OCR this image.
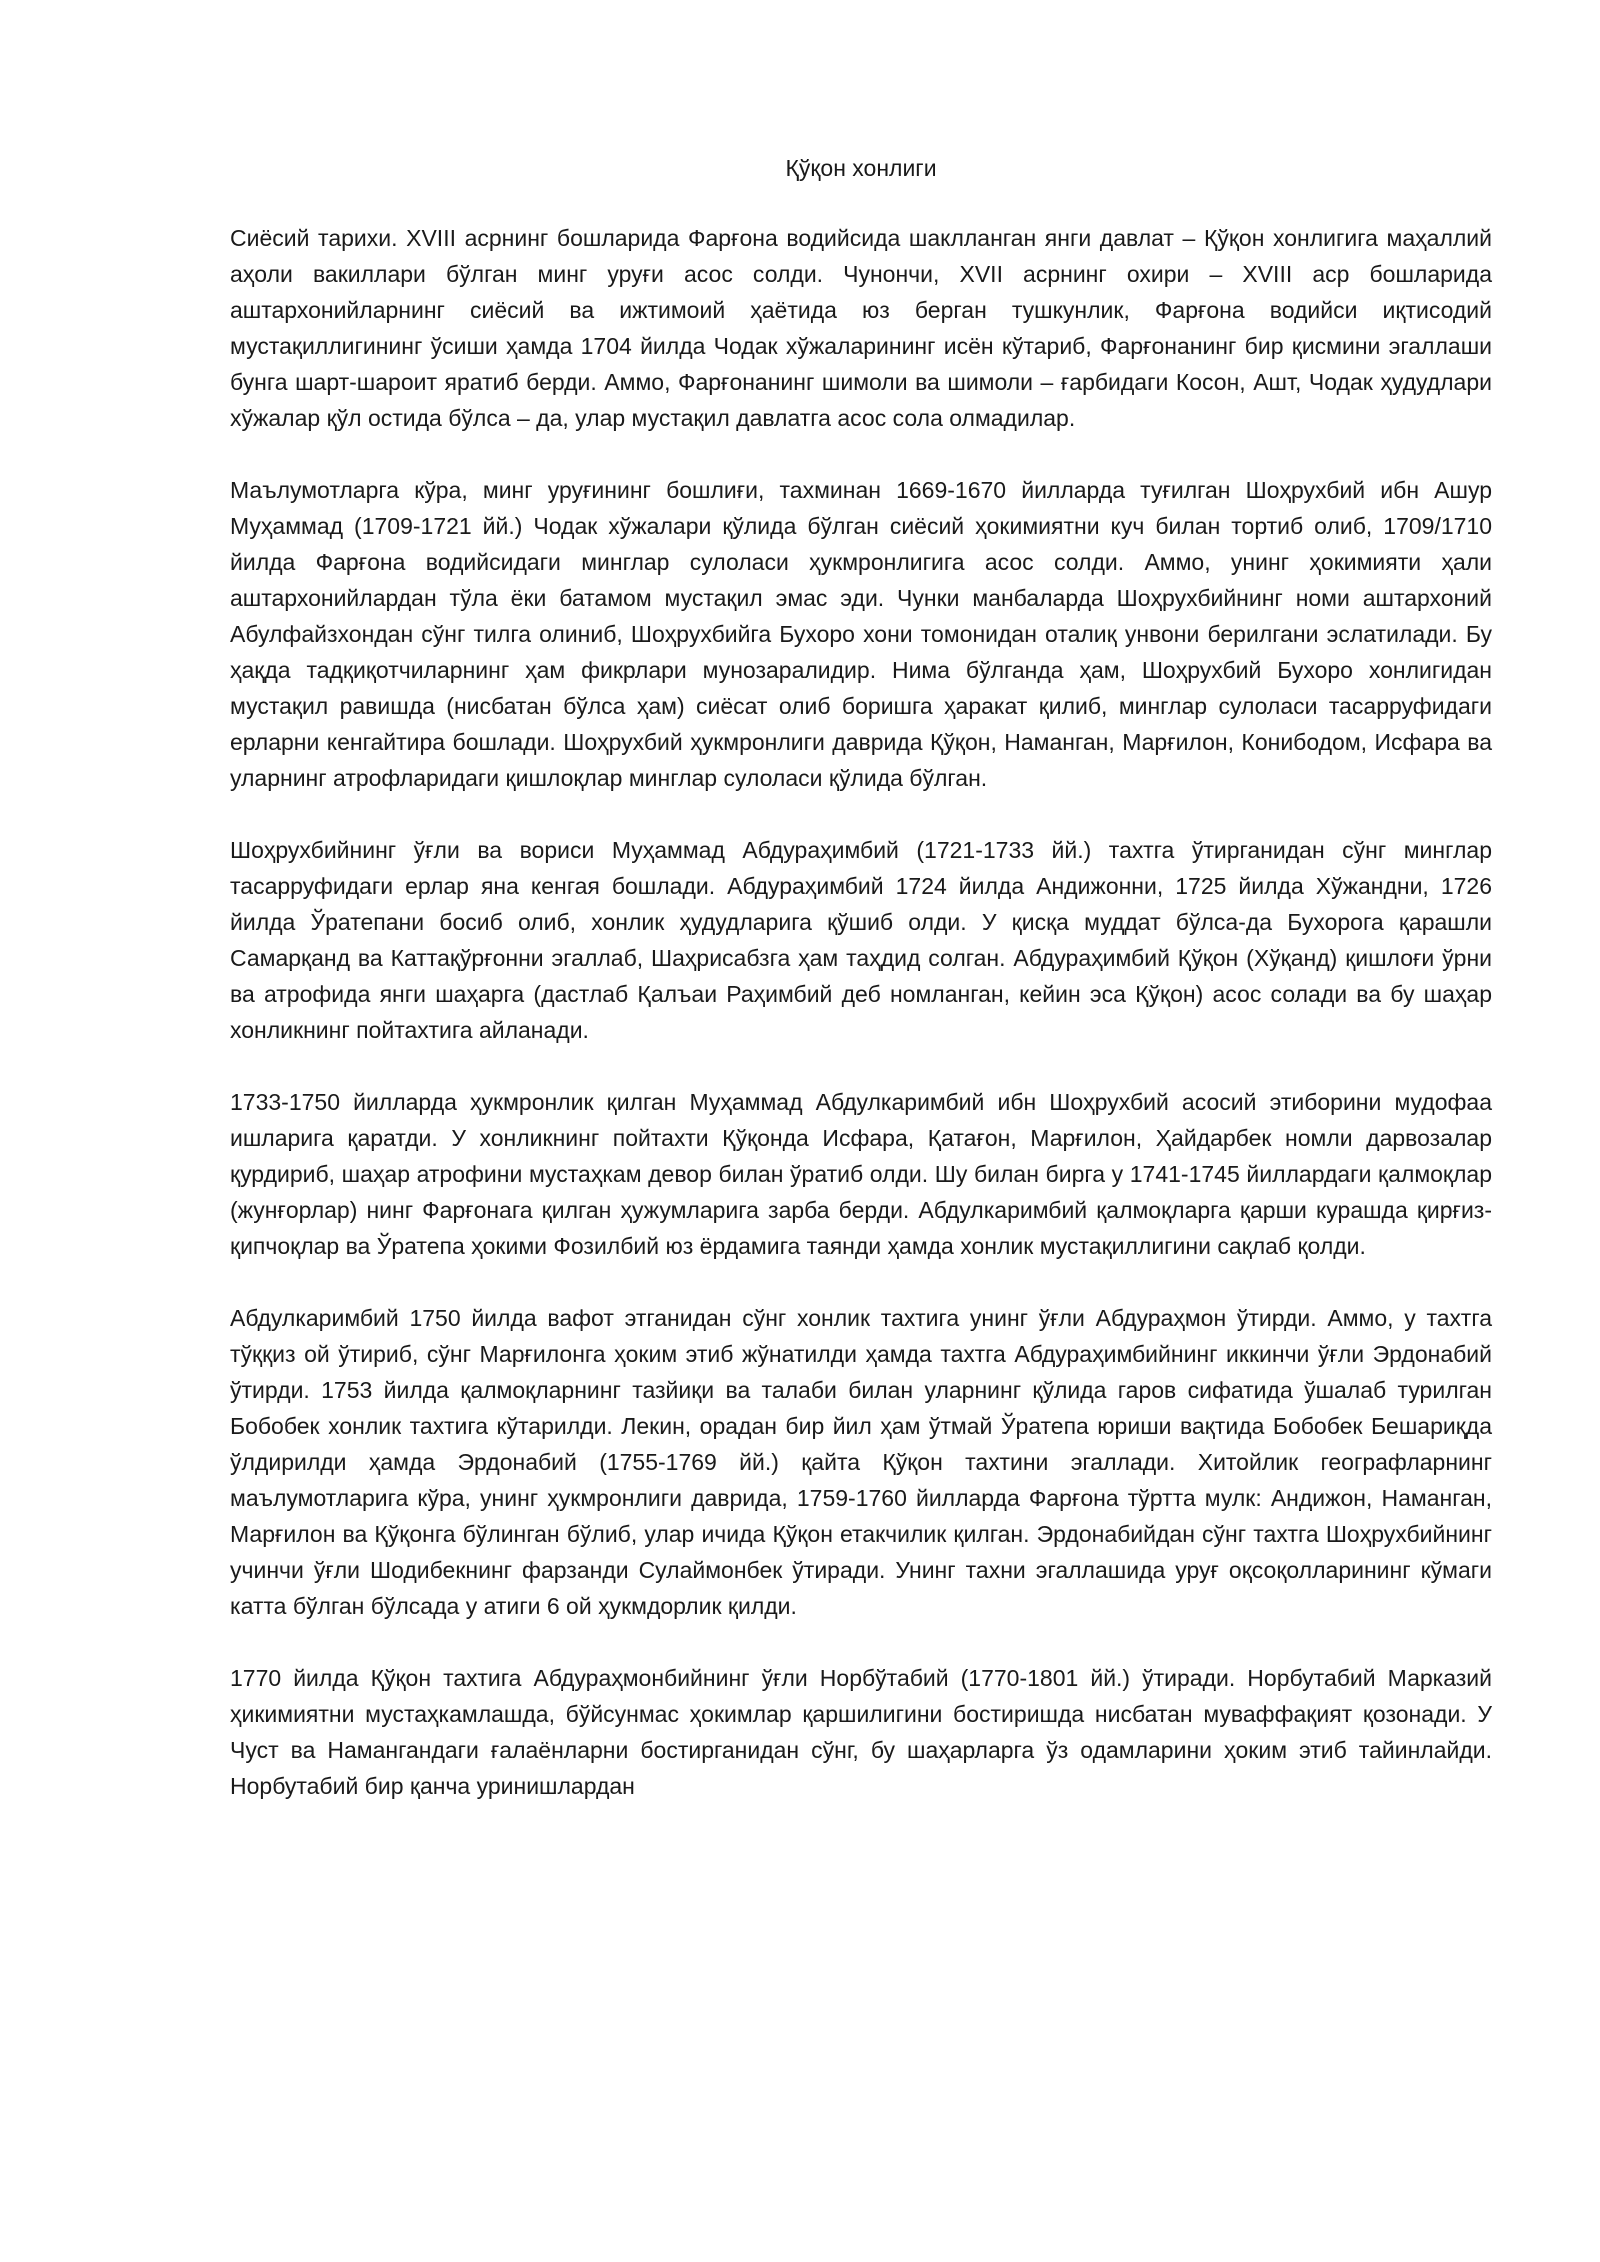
Қўқон хонлиги

Сиёсий тарихи. XVIII асрнинг бошларида Фарғона водийсида шаклланган янги давлат – Қўқон хонлигига маҳаллий аҳоли вакиллари бўлган минг уруғи асос солди. Чунончи, XVII асрнинг охири – XVIII аср бошларида аштархонийларнинг сиёсий ва ижтимоий ҳаётида юз берган тушкунлик, Фарғона водийси иқтисодий мустақиллигининг ўсиши ҳамда 1704 йилда Чодак хўжаларининг исён кўтариб, Фарғонанинг бир қисмини эгаллаши бунга шарт-шароит яратиб берди. Аммо, Фарғонанинг шимоли ва шимоли – ғарбидаги Косон, Ашт, Чодак ҳудудлари хўжалар қўл остида бўлса – да, улар мустақил давлатга асос сола олмадилар.

Маълумотларга кўра, минг уруғининг бошлиғи, тахминан 1669-1670 йилларда туғилган Шоҳрухбий ибн Ашур Муҳаммад (1709-1721 йй.) Чодак хўжалари қўлида бўлган сиёсий ҳокимиятни куч билан тортиб олиб, 1709/1710 йилда Фарғона водийсидаги минглар сулоласи ҳукмронлигига асос солди. Аммо, унинг ҳокимияти ҳали аштархонийлардан тўла ёки батамом мустақил эмас эди. Чунки манбаларда Шоҳрухбийнинг номи аштархоний Абулфайзхондан сўнг тилга олиниб, Шоҳрухбийга Бухоро хони томонидан оталиқ унвони берилгани эслатилади. Бу ҳақда тадқиқотчиларнинг ҳам фикрлари мунозаралидир. Нима бўлганда ҳам, Шоҳрухбий Бухоро хонлигидан мустақил равишда (нисбатан бўлса ҳам) сиёсат олиб боришга ҳаракат қилиб, минглар сулоласи тасарруфидаги ерларни кенгайтира бошлади. Шоҳрухбий ҳукмронлиги даврида Қўқон, Наманган, Марғилон, Конибодом, Исфара ва уларнинг атрофларидаги қишлоқлар минглар сулоласи қўлида бўлган.

Шоҳрухбийнинг ўғли ва вориси Муҳаммад Абдураҳимбий (1721-1733 йй.) тахтга ўтирганидан сўнг минглар тасарруфидаги ерлар яна кенгая бошлади. Абдураҳимбий 1724 йилда Андижонни, 1725 йилда Хўжандни, 1726 йилда Ўратепани босиб олиб, хонлик ҳудудларига қўшиб олди. У қисқа муддат бўлса-да Бухорога қарашли Самарқанд ва Каттақўрғонни эгаллаб, Шаҳрисабзга ҳам таҳдид солган. Абдураҳимбий Қўқон (Хўқанд) қишлоғи ўрни ва атрофида янги шаҳарга (дастлаб Қалъаи Раҳимбий деб номланган, кейин эса Қўқон) асос солади ва бу шаҳар хонликнинг пойтахтига айланади.

1733-1750 йилларда ҳукмронлик қилган Муҳаммад Абдулкаримбий ибн Шоҳрухбий асосий этиборини мудофаа ишларига қаратди. У хонликнинг пойтахти Қўқонда Исфара, Қатағон, Марғилон, Ҳайдарбек номли дарвозалар қурдириб, шаҳар атрофини мустаҳкам девор билан ўратиб олди. Шу билан бирга у 1741-1745 йиллардаги қалмоқлар (жунғорлар) нинг Фарғонага қилган ҳужумларига зарба берди. Абдулкаримбий қалмоқларга қарши курашда қирғиз-қипчоқлар ва Ўратепа ҳокими Фозилбий юз ёрдамига таянди ҳамда хонлик мустақиллигини сақлаб қолди.

Абдулкаримбий 1750 йилда вафот этганидан сўнг хонлик тахтига унинг ўғли Абдураҳмон ўтирди. Аммо, у тахтга тўққиз ой ўтириб, сўнг Марғилонга ҳоким этиб жўнатилди ҳамда тахтга Абдураҳимбийнинг иккинчи ўғли Эрдонабий ўтирди. 1753 йилда қалмоқларнинг тазйиқи ва талаби билан уларнинг қўлида гаров сифатида ўшалаб турилган Бобобек хонлик тахтига кўтарилди. Лекин, орадан бир йил ҳам ўтмай Ўратепа юриши вақтида Бобобек Бешариқда ўлдирилди ҳамда Эрдонабий (1755-1769 йй.) қайта Қўқон тахтини эгаллади. Хитойлик географларнинг маълумотларига кўра, унинг ҳукмронлиги даврида, 1759-1760 йилларда Фарғона тўртта мулк: Андижон, Наманган, Марғилон ва Қўқонга бўлинган бўлиб, улар ичида Қўқон етакчилик қилган. Эрдонабийдан сўнг тахтга Шоҳрухбийнинг учинчи ўғли Шодибекнинг фарзанди Сулаймонбек ўтиради. Унинг тахни эгаллашида уруғ оқсоқолларининг кўмаги катта бўлган бўлсада у атиги 6 ой ҳукмдорлик қилди.

1770 йилда Қўқон тахтига Абдураҳмонбийнинг ўғли Норбўтабий (1770-1801 йй.) ўтиради. Норбутабий Марказий ҳикимиятни мустаҳкамлашда, бўйсунмас ҳокимлар қаршилигини бостиришда нисбатан муваффақият қозонади. У Чуст ва Намангандаги ғалаёнларни бостирганидан сўнг, бу шаҳарларга ўз одамларини ҳоким этиб тайинлайди. Норбутабий бир қанча уринишлардан
